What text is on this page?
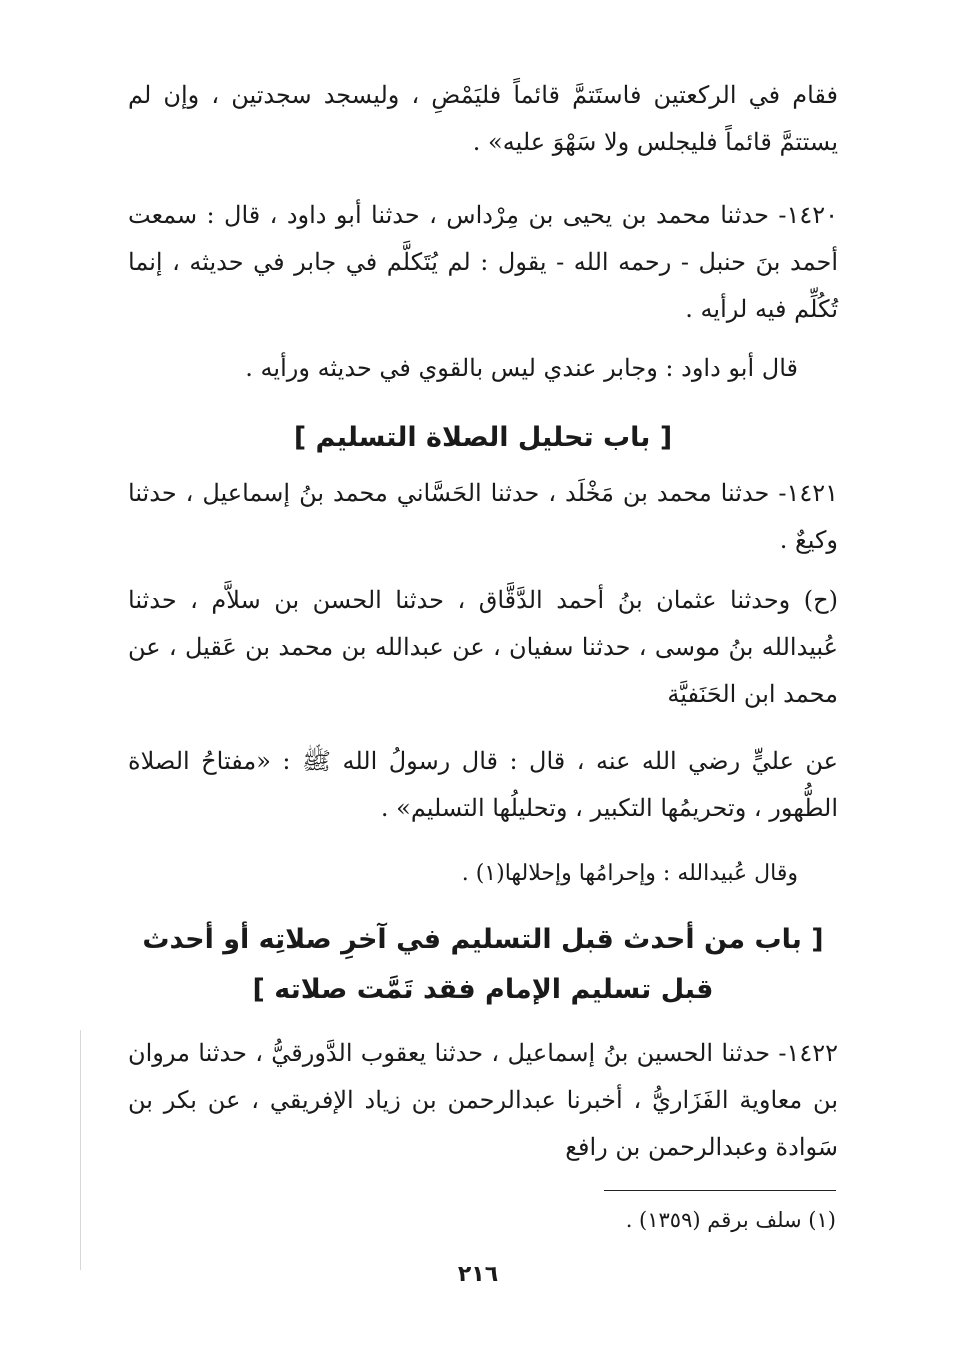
فقام في الركعتين فاستَتمَّ قائماً فليَمْضِ ، وليسجد سجدتين ، وإن لم يستتمَّ قائماً فليجلس ولا سَهْوَ عليه» .
١٤٢٠- حدثنا محمد بن يحيى بن مِرْداس ، حدثنا أبو داود ، قال : سمعت أحمد بنَ حنبل - رحمه الله - يقول : لم يُتَكلَّم في جابر في حديثه ، إنما تُكُلِّم فيه لرأيه .
قال أبو داود : وجابر عندي ليس بالقوي في حديثه ورأيه .
[ باب تحليل الصلاة التسليم ]
١٤٢١- حدثنا محمد بن مَخْلَد ، حدثنا الحَسَّاني محمد بنُ إسماعيل ، حدثنا وكيعٌ .
(ح) وحدثنا عثمان بنُ أحمد الدَّقَّاق ، حدثنا الحسن بن سلاَّم ، حدثنا عُبيدالله بنُ موسى ، حدثنا سفيان ، عن عبدالله بن محمد بن عَقيل ، عن محمد ابن الحَنَفيَّة
عن عليٍّ رضي الله عنه ، قال : قال رسولُ الله ﷺ : «مفتاحُ الصلاة الطُّهور ، وتحريمُها التكبير ، وتحليلُها التسليم» .
وقال عُبيدالله : وإحرامُها وإحلالها(١) .
[ باب من أحدث قبل التسليم في آخرِ صلاتِه أو أحدث
قبل تسليم الإمام فقد تَمَّت صلاته ]
١٤٢٢- حدثنا الحسين بنُ إسماعيل ، حدثنا يعقوب الدَّورقيُّ ، حدثنا مروان بن معاوية الفَزَاريُّ ، أخبرنا عبدالرحمن بن زياد الإفريقي ، عن بكر بن سَوادة وعبدالرحمن بن رافع
(١) سلف برقم (١٣٥٩) .
٢١٦
